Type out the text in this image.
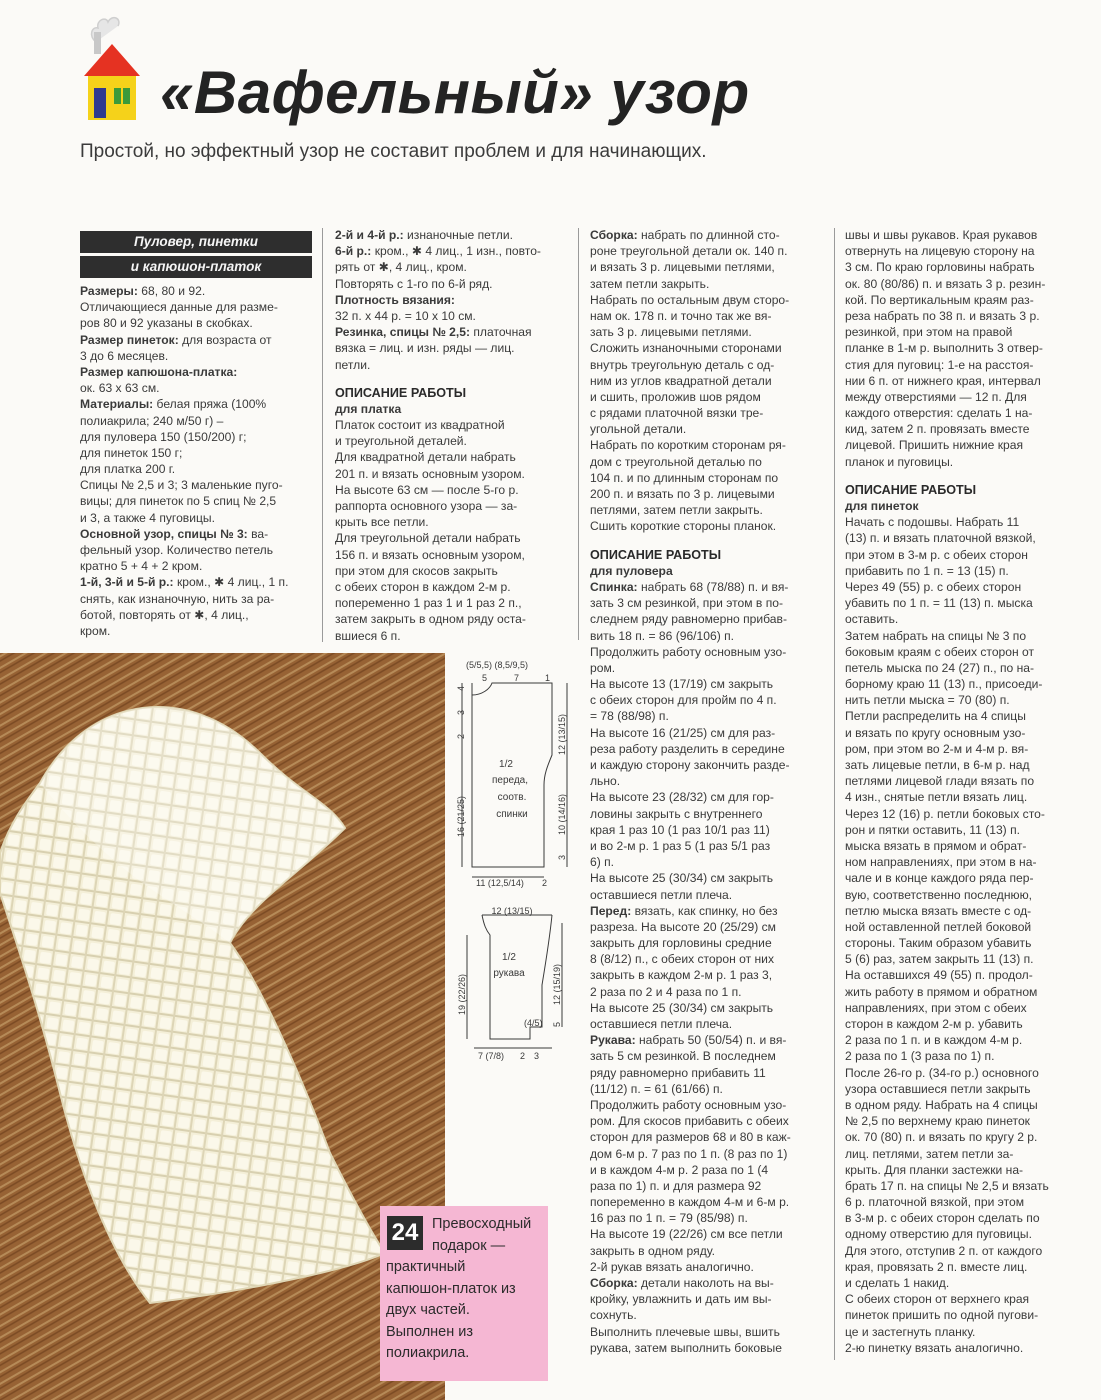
«Вафельный» узор
Простой, но эффектный узор не составит проблем и для начинающих.
Пуловер, пинетки
и капюшон-платок
Размеры: 68, 80 и 92.
Отличающиеся данные для разме-
ров 80 и 92 указаны в скобках.
Размер пинеток: для возраста от
3 до 6 месяцев.
Размер капюшона-платка:
ок. 63 х 63 см.
Материалы: белая пряжа (100%
полиакрила; 240 м/50 г) –
для пуловера 150 (150/200) г;
для пинеток 150 г;
для платка 200 г.
Спицы № 2,5 и 3; 3 маленькие пуго-
вицы; для пинеток по 5 спиц № 2,5
и 3, а также 4 пуговицы.
Основной узор, спицы № 3: ва-
фельный узор. Количество петель
кратно 5 + 4 + 2 кром.
1-й, 3-й и 5-й р.: кром., ✱ 4 лиц., 1 п.
снять, как изнаночную, нить за ра-
ботой, повторять от ✱, 4 лиц.,
кром.
2-й и 4-й р.: изнаночные петли.
6-й р.: кром., ✱ 4 лиц., 1 изн., повто-
рять от ✱, 4 лиц., кром.
Повторять с 1-го по 6-й ряд.
Плотность вязания:
32 п. х 44 р. = 10 х 10 см.
Резинка, спицы № 2,5: платочная
вязка = лиц. и изн. ряды — лиц.
петли.
ОПИСАНИЕ РАБОТЫ
для платка
Платок состоит из квадратной
и треугольной деталей.
Для квадратной детали набрать
201 п. и вязать основным узором.
На высоте 63 см — после 5-го р.
раппорта основного узора — за-
крыть все петли.
Для треугольной детали набрать
156 п. и вязать основным узором,
при этом для скосов закрыть
с обеих сторон в каждом 2-м р.
попеременно 1 раз 1 и 1 раз 2 п.,
затем закрыть в одном ряду оста-
вшиеся 6 п.
Сборка: набрать по длинной сто-
роне треугольной детали ок. 140 п.
и вязать 3 р. лицевыми петлями,
затем петли закрыть.
Набрать по остальным двум сторо-
нам ок. 178 п. и точно так же вя-
зать 3 р. лицевыми петлями.
Сложить изнаночными сторонами
внутрь треугольную деталь с од-
ним из углов квадратной детали
и сшить, проложив шов рядом
с рядами платочной вязки тре-
угольной детали.
Набрать по коротким сторонам ря-
дом с треугольной деталью по
104 п. и по длинным сторонам по
200 п. и вязать по 3 р. лицевыми
петлями, затем петли закрыть.
Сшить короткие стороны планок.
ОПИСАНИЕ РАБОТЫ
для пуловера
Спинка: набрать 68 (78/88) п. и вя-
зать 3 см резинкой, при этом в по-
следнем ряду равномерно прибав-
вить 18 п. = 86 (96/106) п.
Продолжить работу основным узо-
ром.
На высоте 13 (17/19) см закрыть
с обеих сторон для пройм по 4 п.
= 78 (88/98) п.
На высоте 16 (21/25) см для раз-
реза работу разделить в середине
и каждую сторону закончить разде-
льно.
На высоте 23 (28/32) см для гор-
ловины закрыть с внутреннего
края 1 раз 10 (1 раз 10/1 раз 11)
и во 2-м р. 1 раз 5 (1 раз 5/1 раз
6) п.
На высоте 25 (30/34) см закрыть
оставшиеся петли плеча.
Перед: вязать, как спинку, но без
разреза. На высоте 20 (25/29) см
закрыть для горловины средние
8 (8/12) п., с обеих сторон от них
закрыть в каждом 2-м р. 1 раз 3,
2 раза по 2 и 4 раза по 1 п.
На высоте 25 (30/34) см закрыть
оставшиеся петли плеча.
Рукава: набрать 50 (50/54) п. и вя-
зать 5 см резинкой. В последнем
ряду равномерно прибавить 11
(11/12) п. = 61 (61/66) п.
Продолжить работу основным узо-
ром. Для скосов прибавить с обеих
сторон для размеров 68 и 80 в каж-
дом 6-м р. 7 раз по 1 п. (8 раз по 1)
и в каждом 4-м р. 2 раза по 1 (4
раза по 1) п. и для размера 92
попеременно в каждом 4-м и 6-м р.
16 раз по 1 п. = 79 (85/98) п.
На высоте 19 (22/26) см все петли
закрыть в одном ряду.
2-й рукав вязать аналогично.
Сборка: детали наколоть на вы-
кройку, увлажнить и дать им вы-
сохнуть.
Выполнить плечевые швы, вшить
рукава, затем выполнить боковые
швы и швы рукавов. Края рукавов
отвернуть на лицевую сторону на
3 см. По краю горловины набрать
ок. 80 (80/86) п. и вязать 3 р. резин-
кой. По вертикальным краям раз-
реза набрать по 38 п. и вязать 3 р.
резинкой, при этом на правой
планке в 1-м р. выполнить 3 отвер-
стия для пуговиц: 1-е на расстоя-
нии 6 п. от нижнего края, интервал
между отверстиями — 12 п. Для
каждого отверстия: сделать 1 на-
кид, затем 2 п. провязать вместе
лицевой. Пришить нижние края
планок и пуговицы.
ОПИСАНИЕ РАБОТЫ
для пинеток
Начать с подошвы. Набрать 11
(13) п. и вязать платочной вязкой,
при этом в 3-м р. с обеих сторон
прибавить по 1 п. = 13 (15) п.
Через 49 (55) р. с обеих сторон
убавить по 1 п. = 11 (13) п. мыска
оставить.
Затем набрать на спицы № 3 по
боковым краям с обеих сторон от
петель мыска по 24 (27) п., по на-
борному краю 11 (13) п., присоеди-
нить петли мыска = 70 (80) п.
Петли распределить на 4 спицы
и вязать по кругу основным узо-
ром, при этом во 2-м и 4-м р. вя-
зать лицевые петли, в 6-м р. над
петлями лицевой глади вязать по
4 изн., снятые петли вязать лиц.
Через 12 (16) р. петли боковых сто-
рон и пятки оставить, 11 (13) п.
мыска вязать в прямом и обрат-
ном направлениях, при этом в на-
чале и в конце каждого ряда пер-
вую, соответственно последнюю,
петлю мыска вязать вместе с од-
ной оставленной петлей боковой
стороны. Таким образом убавить
5 (6) раз, затем закрыть 11 (13) п.
На оставшихся 49 (55) п. продол-
жить работу в прямом и обратном
направлениях, при этом с обеих
сторон в каждом 2-м р. убавить
2 раза по 1 п. и в каждом 4-м р.
2 раза по 1 (3 раза по 1) п.
После 26-го р. (34-го р.) основного
узора оставшиеся петли закрыть
в одном ряду. Набрать на 4 спицы
№ 2,5 по верхнему краю пинеток
ок. 70 (80) п. и вязать по кругу 2 р.
лиц. петлями, затем петли за-
крыть. Для планки застежки на-
брать 17 п. на спицы № 2,5 и вязать
6 р. платочной вязкой, при этом
в 3-м р. с обеих сторон сделать по
одному отверстию для пуговицы.
Для этого, отступив 2 п. от каждого
края, провязать 2 п. вместе лиц.
и сделать 1 накид.
С обеих сторон от верхнего края
пинеток пришить по одной пугови-
це и застегнуть планку.
2-ю пинетку вязать аналогично.
24 Превосходный
подарок —
практичный
капюшон-платок из
двух частей.
Выполнен из
полиакрила.
(5/5,5) (8,5/9,5)
5	7	1
4
3
2
16 (21/25)
12 (13/15)
10 (14/16)
3
1/2
переда,
соотв.
спинки
11 (12,5/14) 2
12 (13/15)
1/2
рукава
19 (22/26)	12 (15/19)
5
(4/5)
7 (7/8) 2 3
